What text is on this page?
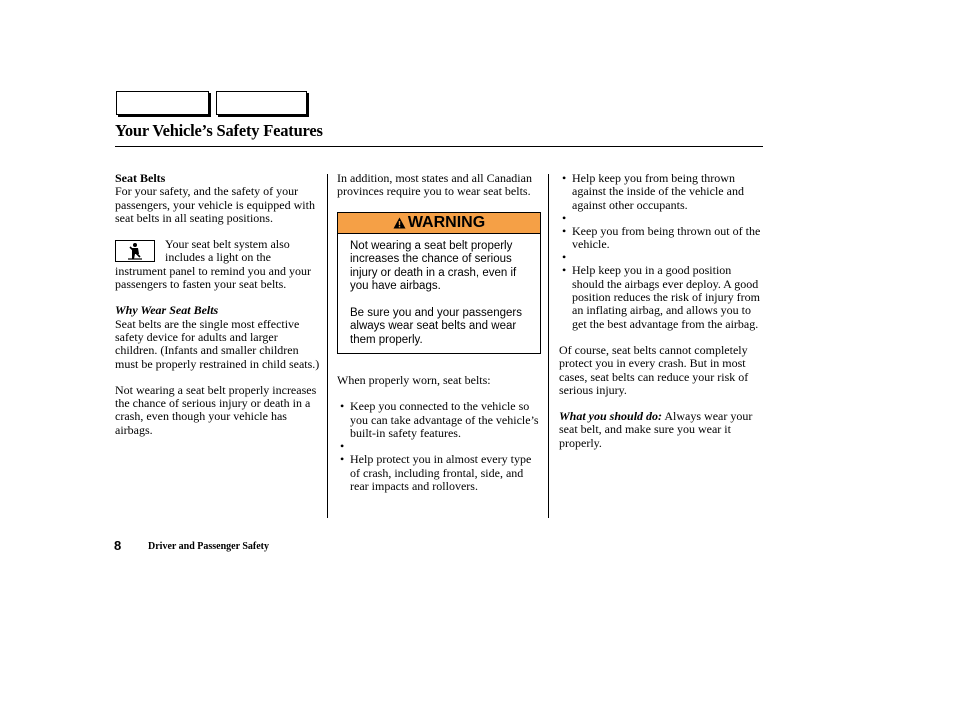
Your Vehicle’s Safety Features

Seat Belts

For your safety, and the safety of your passengers, your vehicle is equipped with seat belts in all seating positions.

Your seat belt system also includes a light on the instrument panel to remind you and your passengers to fasten your seat belts.

Why Wear Seat Belts

Seat belts are the single most effective safety device for adults and larger children. (Infants and smaller children must be properly restrained in child seats.)

Not wearing a seat belt properly increases the chance of serious injury or death in a crash, even though your vehicle has airbags.

In addition, most states and all Canadian provinces require you to wear seat belts.

WARNING

Not wearing a seat belt properly increases the chance of serious injury or death in a crash, even if you have airbags.

Be sure you and your passengers always wear seat belts and wear them properly.

When properly worn, seat belts:

• Keep you connected to the vehicle so you can take advantage of the vehicle’s built-in safety features.
•
• Help protect you in almost every type of crash, including frontal, side, and rear impacts and rollovers.
• Help keep you from being thrown against the inside of the vehicle and against other occupants.
•
• Keep you from being thrown out of the vehicle.
•
• Help keep you in a good position should the airbags ever deploy. A good position reduces the risk of injury from an inflating airbag, and allows you to get the best advantage from the airbag.

Of course, seat belts cannot completely protect you in every crash. But in most cases, seat belts can reduce your risk of serious injury.

What you should do: Always wear your seat belt, and make sure you wear it properly.

8	Driver and Passenger Safety
